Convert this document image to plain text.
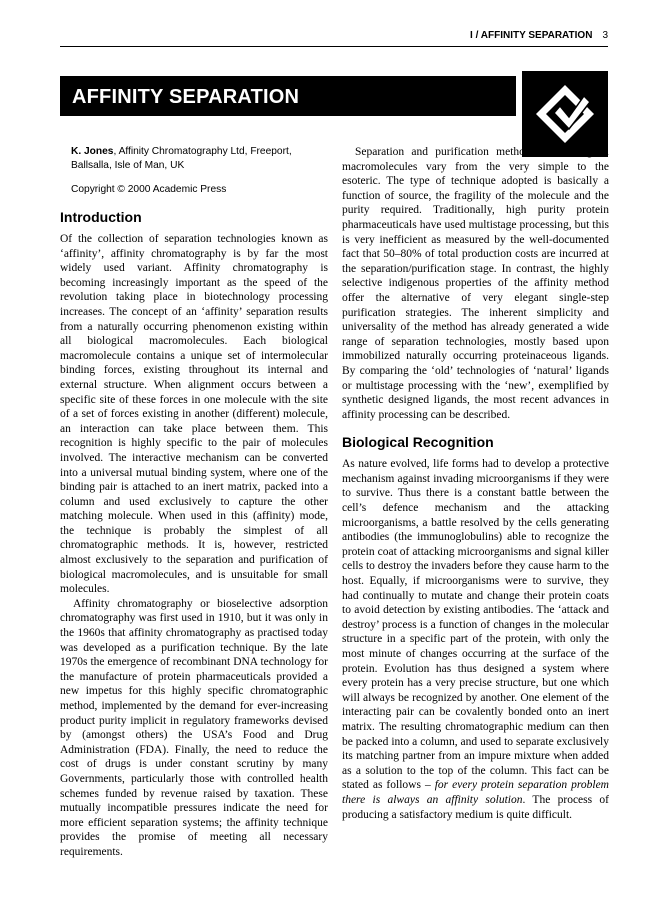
I / AFFINITY SEPARATION 3
AFFINITY SEPARATION
K. Jones, Affinity Chromatography Ltd, Freeport, Ballsalla, Isle of Man, UK
Copyright © 2000 Academic Press
Introduction

Of the collection of separation technologies known as ‘affinity’, affinity chromatography is by far the most widely used variant. Affinity chromatography is becoming increasingly important as the speed of the revolution taking place in biotechnology processing increases. The concept of an ‘affinity’ separation results from a naturally occurring phenomenon existing within all biological macromolecules. Each biological macromolecule contains a unique set of intermolecular binding forces, existing throughout its internal and external structure. When alignment occurs between a specific site of these forces in one molecule with the site of a set of forces existing in another (different) molecule, an interaction can take place between them. This recognition is highly specific to the pair of molecules involved. The interactive mechanism can be converted into a universal mutual binding system, where one of the binding pair is attached to an inert matrix, packed into a column and used exclusively to capture the other matching molecule. When used in this (affinity) mode, the technique is probably the simplest of all chromatographic methods. It is, however, restricted almost exclusively to the separation and purification of biological macromolecules, and is unsuitable for small molecules.

Affinity chromatography or bioselective adsorption chromatography was first used in 1910, but it was only in the 1960s that affinity chromatography as practised today was developed as a purification technique. By the late 1970s the emergence of recombinant DNA technology for the manufacture of protein pharmaceuticals provided a new impetus for this highly specific chromatographic method, implemented by the demand for ever-increasing product purity implicit in regulatory frameworks devised by (amongst others) the USA’s Food and Drug Administration (FDA). Finally, the need to reduce the cost of drugs is under constant scrutiny by many Governments, particularly those with controlled health schemes funded by revenue raised by taxation. These mutually incompatible pressures indicate the need for more efficient separation systems; the affinity technique provides the promise of meeting all necessary requirements.

Separation and purification methods for biological macromolecules vary from the very simple to the esoteric. The type of technique adopted is basically a function of source, the fragility of the molecule and the purity required. Traditionally, high purity protein pharmaceuticals have used multistage processing, but this is very inefficient as measured by the well-documented fact that 50–80% of total production costs are incurred at the separation/purification stage. In contrast, the highly selective indigenous properties of the affinity method offer the alternative of very elegant single-step purification strategies. The inherent simplicity and universality of the method has already generated a wide range of separation technologies, mostly based upon immobilized naturally occurring proteinaceous ligands. By comparing the ‘old’ technologies of ‘natural’ ligands or multistage processing with the ‘new’, exemplified by synthetic designed ligands, the most recent advances in affinity processing can be described.

Biological Recognition

As nature evolved, life forms had to develop a protective mechanism against invading microorganisms if they were to survive. Thus there is a constant battle between the cell’s defence mechanism and the attacking microorganisms, a battle resolved by the cells generating antibodies (the immunoglobulins) able to recognize the protein coat of attacking microorganisms and signal killer cells to destroy the invaders before they cause harm to the host. Equally, if microorganisms were to survive, they had continually to mutate and change their protein coats to avoid detection by existing antibodies. The ‘attack and destroy’ process is a function of changes in the molecular structure in a specific part of the protein, with only the most minute of changes occurring at the surface of the protein. Evolution has thus designed a system where every protein has a very precise structure, but one which will always be recognized by another. One element of the interacting pair can be covalently bonded onto an inert matrix. The resulting chromatographic medium can then be packed into a column, and used to separate exclusively its matching partner from an impure mixture when added as a solution to the top of the column. This fact can be stated as follows – for every protein separation problem there is always an affinity solution. The process of producing a satisfactory medium is quite difficult.
